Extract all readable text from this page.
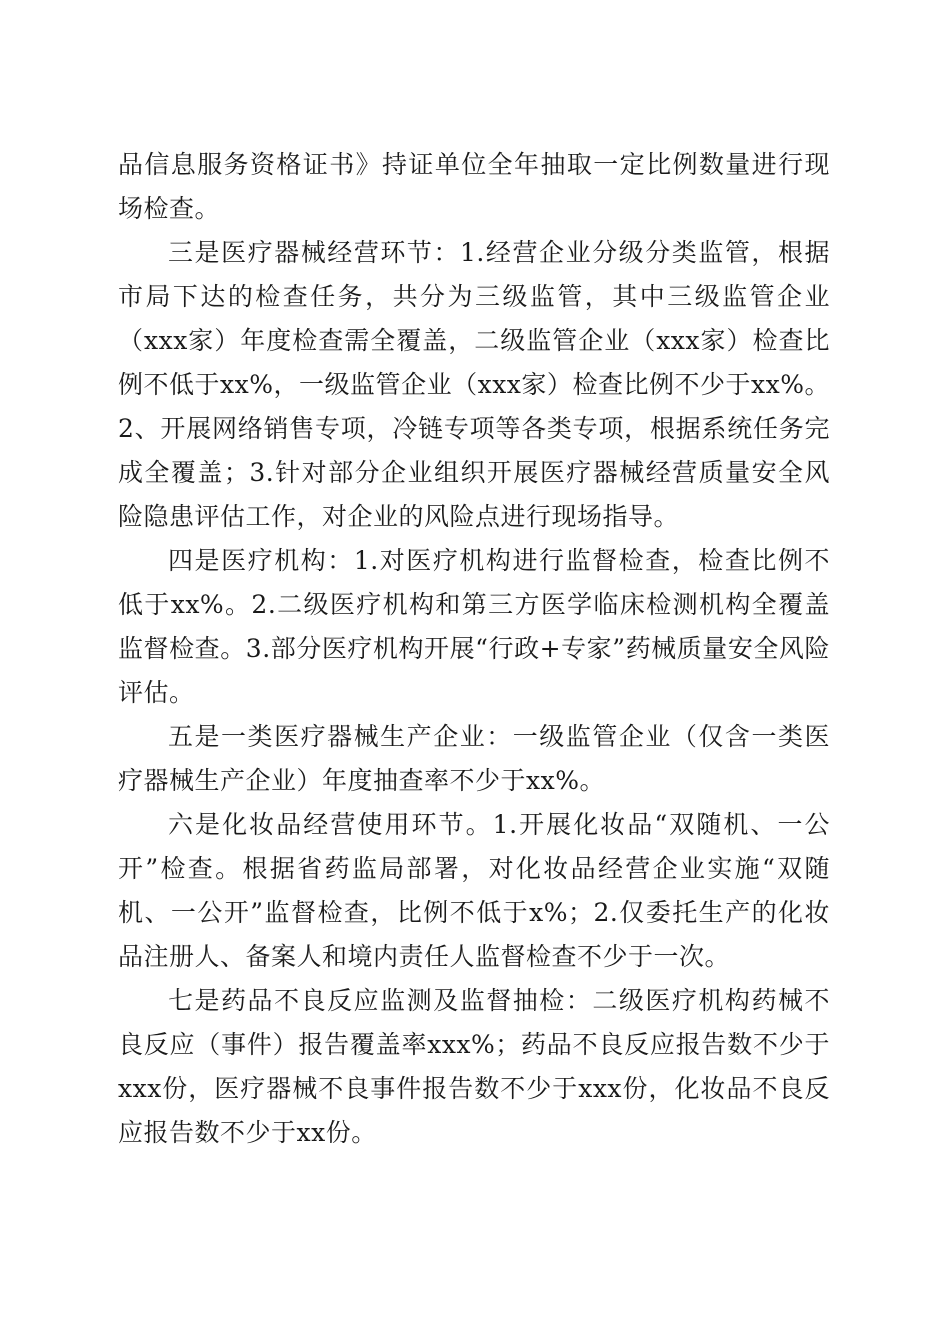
品信息服务资格证书》持证单位全年抽取一定比例数量进行现场检查。

三是医疗器械经营环节：1.经营企业分级分类监管，根据市局下达的检查任务，共分为三级监管，其中三级监管企业（xxx家）年度检查需全覆盖，二级监管企业（xxx家）检查比例不低于xx%，一级监管企业（xxx家）检查比例不少于xx%。2、开展网络销售专项，冷链专项等各类专项，根据系统任务完成全覆盖；3.针对部分企业组织开展医疗器械经营质量安全风险隐患评估工作，对企业的风险点进行现场指导。

四是医疗机构：1.对医疗机构进行监督检查，检查比例不低于xx%。2.二级医疗机构和第三方医学临床检测机构全覆盖监督检查。3.部分医疗机构开展“行政+专家”药械质量安全风险评估。

五是一类医疗器械生产企业：一级监管企业（仅含一类医疗器械生产企业）年度抽查率不少于xx%。

六是化妆品经营使用环节。1.开展化妆品“双随机、一公开”检查。根据省药监局部署，对化妆品经营企业实施“双随机、一公开”监督检查，比例不低于x%；2.仅委托生产的化妆品注册人、备案人和境内责任人监督检查不少于一次。

七是药品不良反应监测及监督抽检：二级医疗机构药械不良反应（事件）报告覆盖率xxx%；药品不良反应报告数不少于xxx份，医疗器械不良事件报告数不少于xxx份，化妆品不良反应报告数不少于xx份。
